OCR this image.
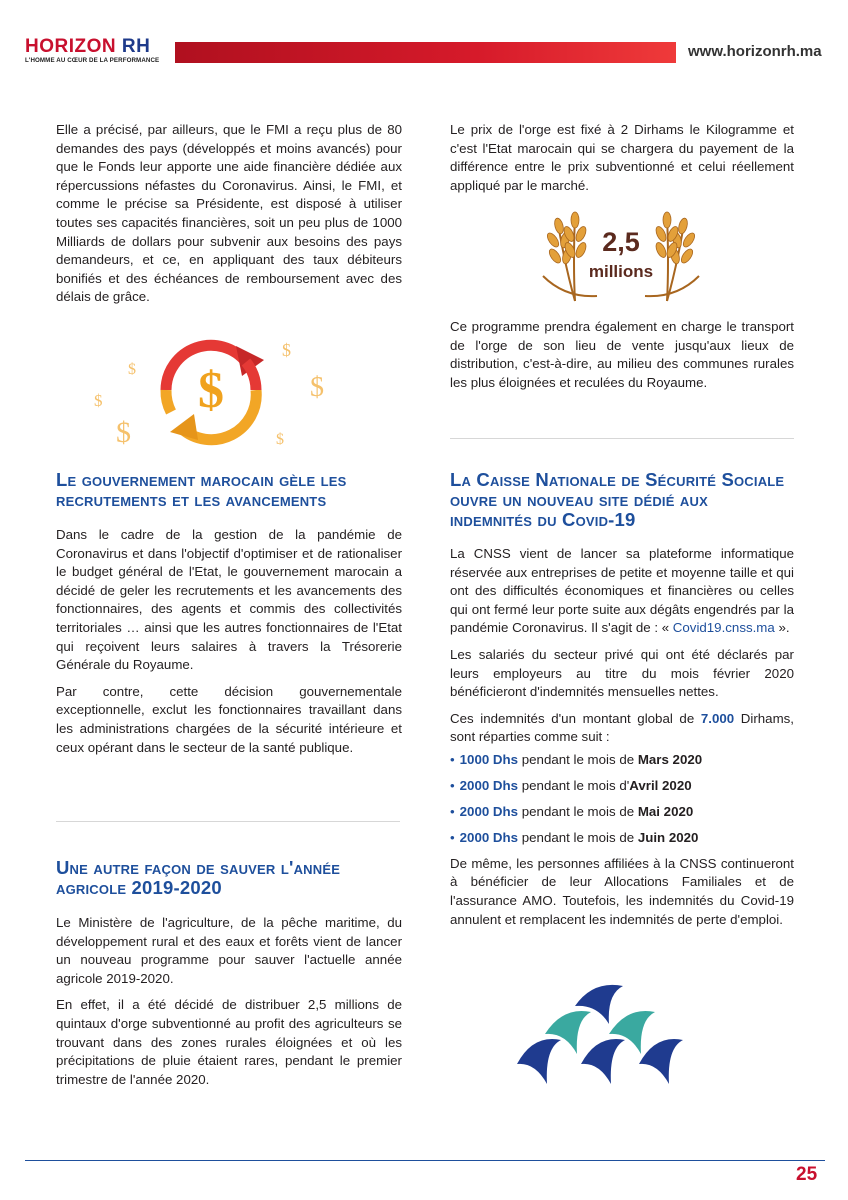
HORIZON RH
L'HOMME AU CŒUR DE LA PERFORMANCE
www.horizonrh.ma

Elle a précisé, par ailleurs, que le FMI a reçu plus de 80 demandes des pays (développés et moins avancés) pour que le Fonds leur apporte une aide financière dédiée aux répercussions néfastes du Coronavirus. Ainsi, le FMI, et comme le précise sa Présidente, est disposé à utiliser toutes ses capacités financières, soit un peu plus de 1000 Milliards de dollars pour subvenir aux besoins des pays demandeurs, et ce, en appliquant des taux débiteurs bonifiés et des échéances de remboursement avec des délais de grâce.

$
$
$
$
$
$
$
Le gouvernement marocain gèle les recrutements et les avancements

Dans le cadre de la gestion de la pandémie de Coronavirus et dans l'objectif d'optimiser et de rationaliser le budget général de l'Etat, le gouvernement marocain a décidé de geler les recrutements et les avancements des fonctionnaires, des agents et commis des collectivités territoriales … ainsi que les autres fonctionnaires de l'Etat qui reçoivent leurs salaires à travers la Trésorerie Générale du Royaume.

Par contre, cette décision gouvernementale exceptionnelle, exclut les fonctionnaires travaillant dans les administrations chargées de la sécurité intérieure et ceux opérant dans le secteur de la santé publique.

Une autre façon de sauver l'année agricole 2019-2020

Le Ministère de l'agriculture, de la pêche maritime, du développement rural et des eaux et forêts vient de lancer un nouveau programme pour sauver l'actuelle année agricole 2019-2020.

En effet, il a été décidé de distribuer 2,5 millions de quintaux d'orge subventionné au profit des agriculteurs se trouvant dans des zones rurales éloignées et où les précipitations de pluie étaient rares, pendant le premier trimestre de l'année 2020.

Le prix de l'orge est fixé à 2 Dirhams le Kilogramme et c'est l'Etat marocain qui se chargera du payement de la différence entre le prix subventionné et celui réellement appliqué par le marché.

2,5
millions

Ce programme prendra également en charge le transport de l'orge de son lieu de vente jusqu'aux lieux de distribution, c'est-à-dire, au milieu des communes rurales les plus éloignées et reculées du Royaume.

La Caisse Nationale de Sécurité Sociale ouvre un nouveau site dédié aux indemnités du Covid-19

La CNSS vient de lancer sa plateforme informatique réservée aux entreprises de petite et moyenne taille et qui ont des difficultés économiques et financières ou celles qui ont fermé leur porte suite aux dégâts engendrés par la pandémie Coronavirus. Il s'agit de : « Covid19.cnss.ma ».

Les salariés du secteur privé qui ont été déclarés par leurs employeurs au titre du mois février 2020 bénéficieront d'indemnités mensuelles nettes.

Ces indemnités d'un montant global de 7.000 Dirhams, sont réparties comme suit :

• 1000 Dhs pendant le mois de Mars 2020
• 2000 Dhs pendant le mois d'Avril 2020
• 2000 Dhs pendant le mois de Mai 2020
• 2000 Dhs pendant le mois de Juin 2020

De même, les personnes affiliées à la CNSS continueront à bénéficier de leur Allocations Familiales et de l'assurance AMO. Toutefois, les indemnités du Covid-19 annulent et remplacent les indemnités de perte d'emploi.

25
